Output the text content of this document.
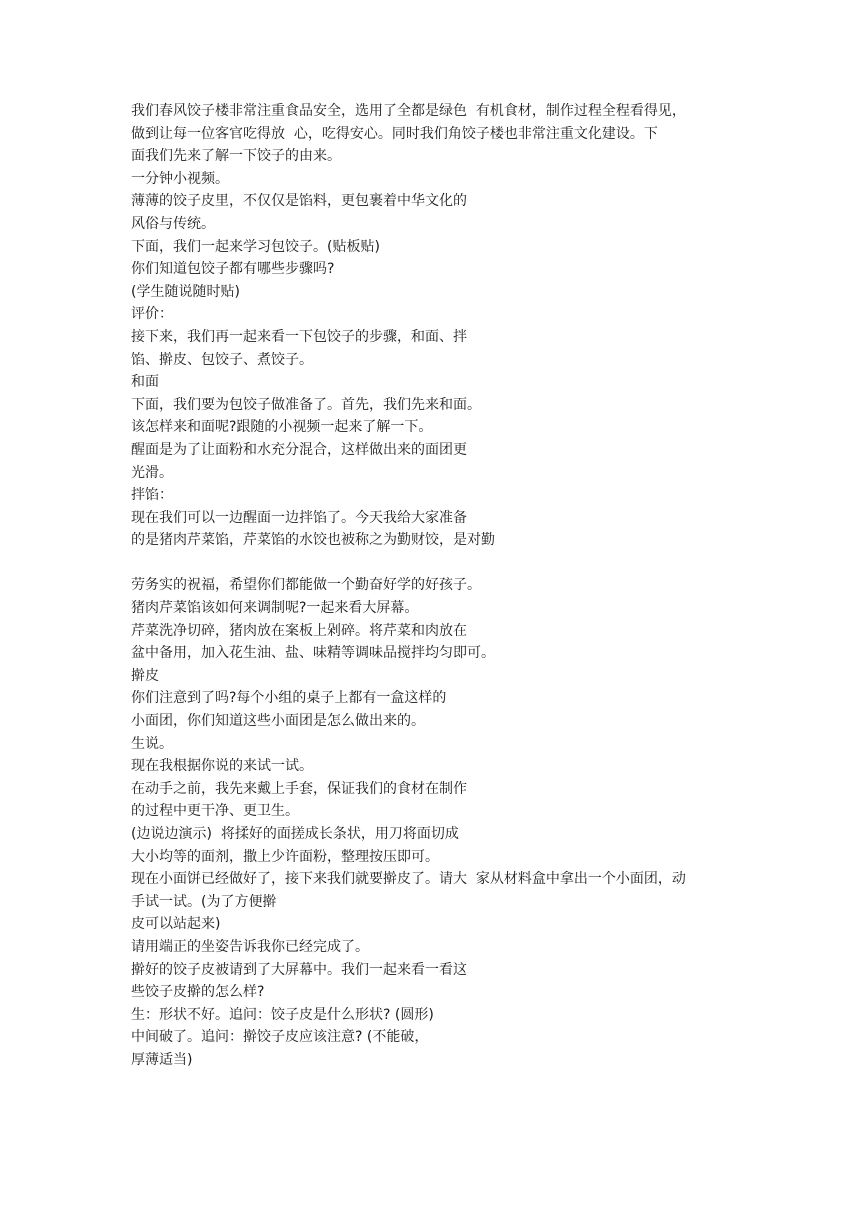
我们春风饺子楼非常注重食品安全，选用了全都是绿色  有机食材，制作过程全程看得见，
做到让每一位客官吃得放  心，吃得安心。同时我们角饺子楼也非常注重文化建设。下
面我们先来了解一下饺子的由来。
一分钟小视频。
薄薄的饺子皮里，不仅仅是馅料，更包裹着中华文化的
风俗与传统。
下面，我们一起来学习包饺子。(贴板贴)
你们知道包饺子都有哪些步骤吗?
(学生随说随时贴)
评价：
接下来，我们再一起来看一下包饺子的步骤，和面、拌
馅、擀皮、包饺子、煮饺子。
和面
下面，我们要为包饺子做准备了。首先，我们先来和面。
该怎样来和面呢?跟随的小视频一起来了解一下。
醒面是为了让面粉和水充分混合，这样做出来的面团更
光滑。
拌馅：
现在我们可以一边醒面一边拌馅了。今天我给大家准备
的是猪肉芹菜馅，芹菜馅的水饺也被称之为勤财饺，是对勤
劳务实的祝福，希望你们都能做一个勤奋好学的好孩子。
猪肉芹菜馅该如何来调制呢?一起来看大屏幕。
芹菜洗净切碎，猪肉放在案板上剁碎。将芹菜和肉放在
盆中备用，加入花生油、盐、味精等调味品搅拌均匀即可。
擀皮
你们注意到了吗?每个小组的桌子上都有一盒这样的
小面团，你们知道这些小面团是怎么做出来的。
生说。
现在我根据你说的来试一试。
在动手之前，我先来戴上手套，保证我们的食材在制作
的过程中更干净、更卫生。
(边说边演示)  将揉好的面搓成长条状，用刀将面切成
大小均等的面剂，撒上少许面粉，整理按压即可。
现在小面饼已经做好了，接下来我们就要擀皮了。请大  家从材料盒中拿出一个小面团，动
手试一试。(为了方便擀
皮可以站起来)
请用端正的坐姿告诉我你已经完成了。
擀好的饺子皮被请到了大屏幕中。我们一起来看一看这
些饺子皮擀的怎么样?
生：形状不好。追问：饺子皮是什么形状? (圆形)
中间破了。追问：擀饺子皮应该注意? (不能破，
厚薄适当)
